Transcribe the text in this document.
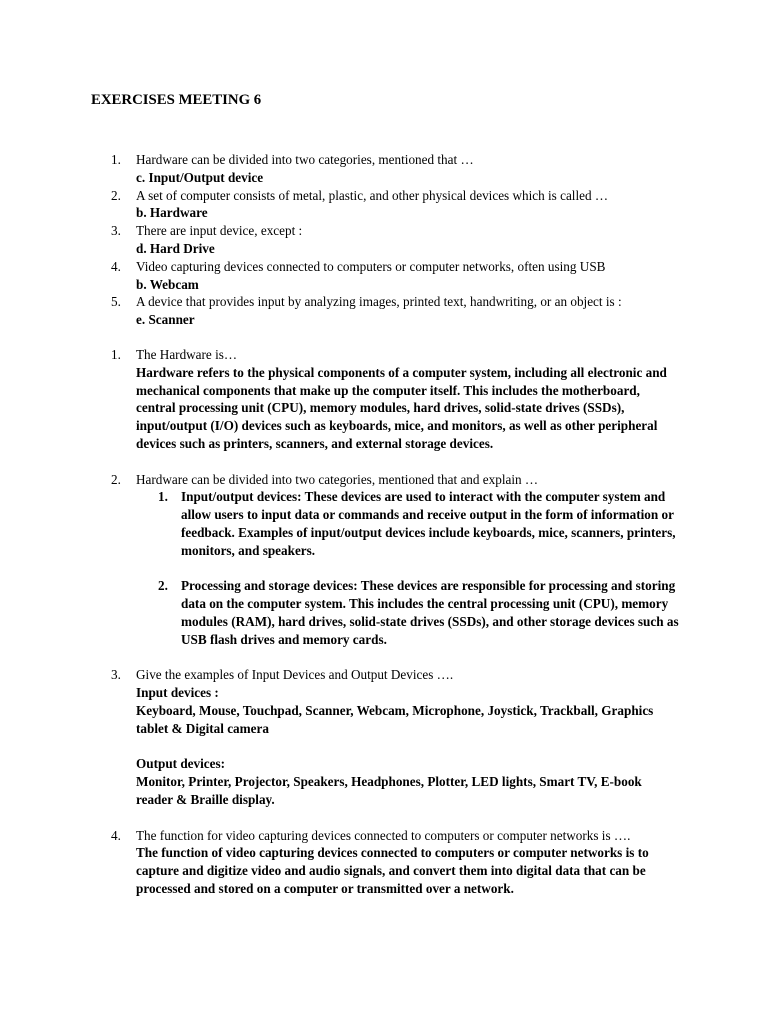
EXERCISES MEETING 6
1. Hardware can be divided into two categories, mentioned that …
c. Input/Output device
2. A set of computer consists of metal, plastic, and other physical devices which is called …
b. Hardware
3. There are input device, except :
d. Hard Drive
4. Video capturing devices connected to computers or computer networks, often using USB
b. Webcam
5. A device that provides input by analyzing images, printed text, handwriting, or an object is :
e. Scanner
1. The Hardware is…
Hardware refers to the physical components of a computer system, including all electronic and mechanical components that make up the computer itself. This includes the motherboard, central processing unit (CPU), memory modules, hard drives, solid-state drives (SSDs), input/output (I/O) devices such as keyboards, mice, and monitors, as well as other peripheral devices such as printers, scanners, and external storage devices.
2. Hardware can be divided into two categories, mentioned that and explain …
1. Input/output devices: These devices are used to interact with the computer system and allow users to input data or commands and receive output in the form of information or feedback. Examples of input/output devices include keyboards, mice, scanners, printers, monitors, and speakers.
2. Processing and storage devices: These devices are responsible for processing and storing data on the computer system. This includes the central processing unit (CPU), memory modules (RAM), hard drives, solid-state drives (SSDs), and other storage devices such as USB flash drives and memory cards.
3. Give the examples of Input Devices and Output Devices ….
Input devices :
Keyboard, Mouse, Touchpad, Scanner, Webcam, Microphone, Joystick, Trackball, Graphics tablet & Digital camera

Output devices:
Monitor, Printer, Projector, Speakers, Headphones, Plotter, LED lights, Smart TV, E-book reader & Braille display.
4. The function for video capturing devices connected to computers or computer networks is ….
The function of video capturing devices connected to computers or computer networks is to capture and digitize video and audio signals, and convert them into digital data that can be processed and stored on a computer or transmitted over a network.
